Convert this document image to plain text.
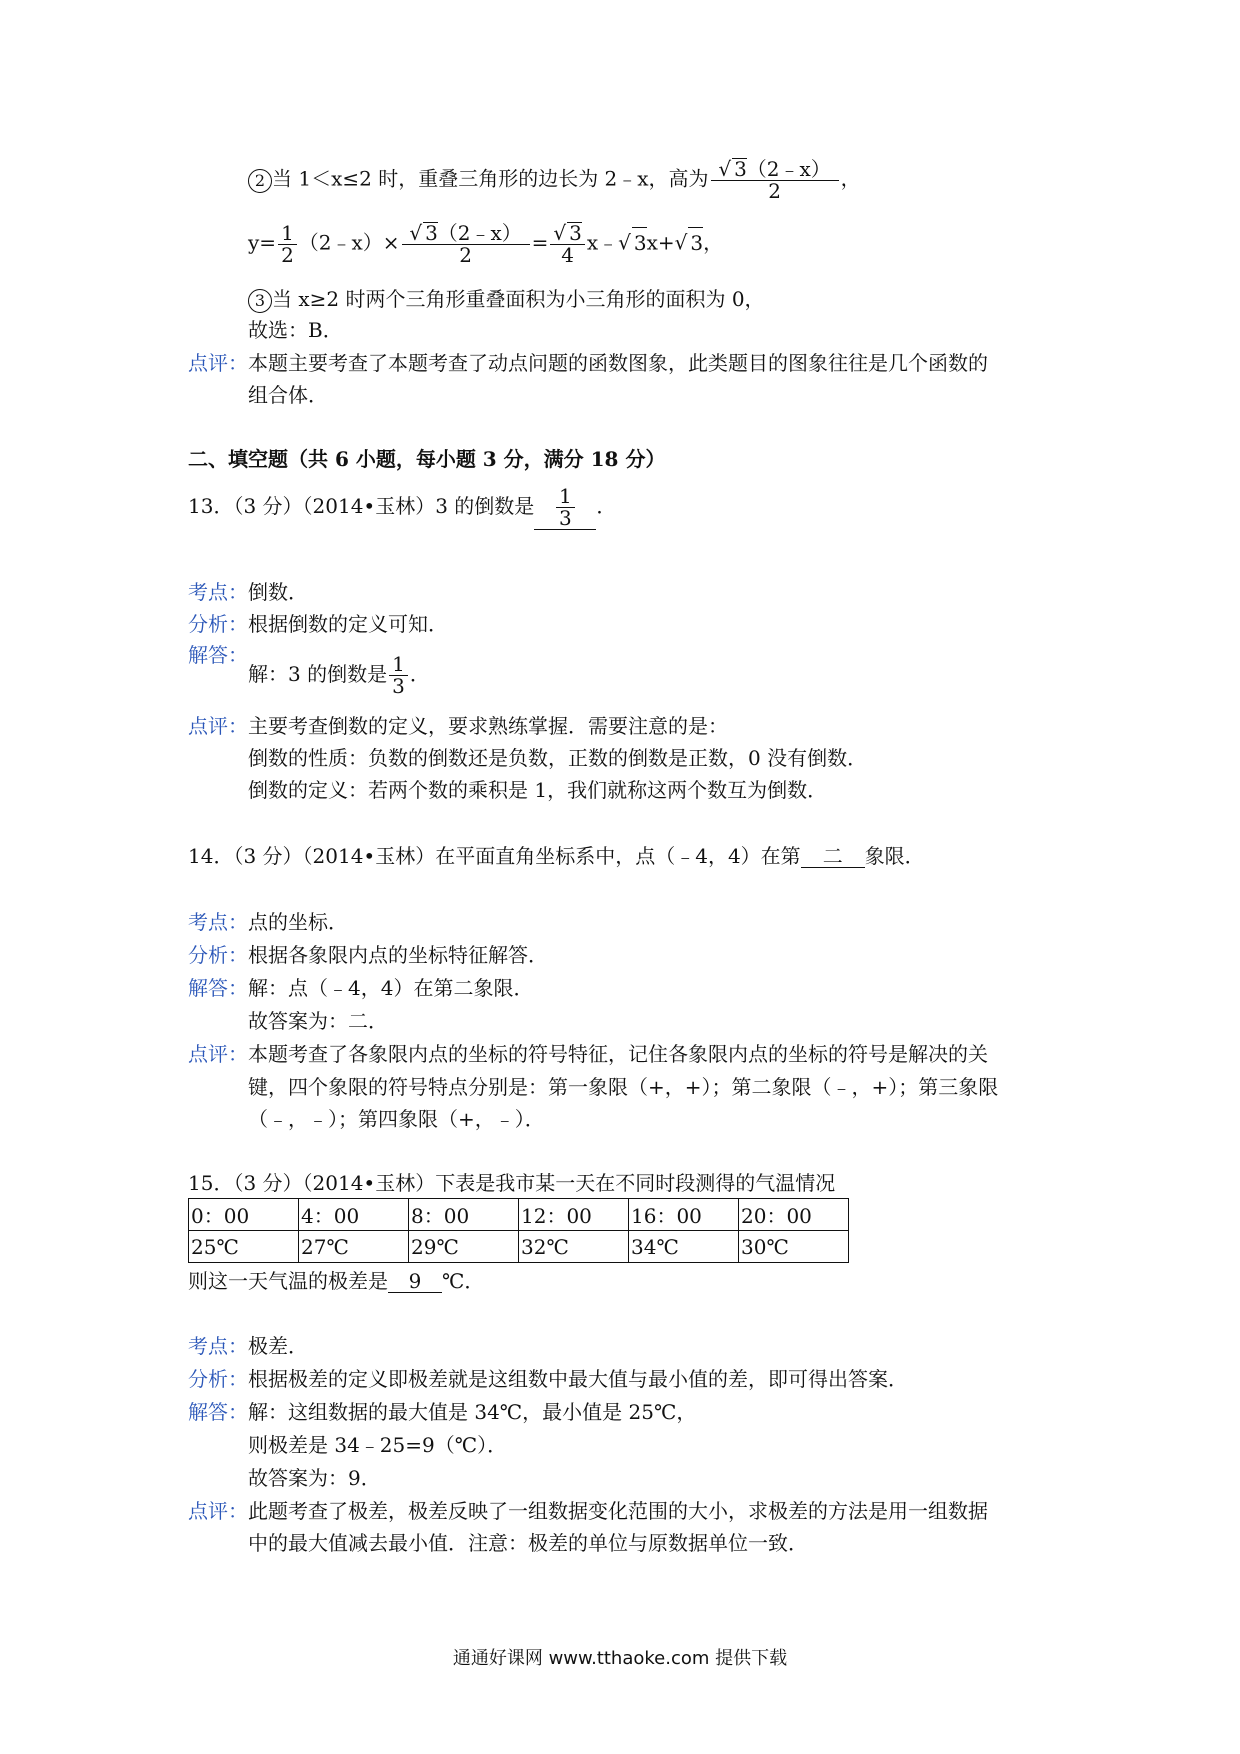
2 当 1＜x≤2 时，重叠三角形的边长为 2﹣x，高为 $\frac{√ 3(2﹣x)}{2}$ ，
$y= \frac{1}{2}$ （2﹣x）× $\frac{√ 3(2﹣x)}{2} = \frac{√ 3}{4}$ x﹣√ 3x+√ 3，
3 当 x≥2 时两个三角形重叠面积为小三角形的面积为 0，
故选：B．
点评：本题主要考查了本题考查了动点问题的函数图象，此类题目的图象往往是几个函数的
组合体．
二、填空题（共 6 小题，每小题 3 分，满分 18 分）
13．（3 分）（2014•玉林）3 的倒数是 $\frac{1}{3}$ ．
考点：倒数．
分析：根据倒数的定义可知．
解答：解：3 的倒数是 $\frac{1}{3}$ ．
点评：主要考查倒数的定义，要求熟练掌握．需要注意的是：
倒数的性质：负数的倒数还是负数，正数的倒数是正数，0 没有倒数．
倒数的定义：若两个数的乘积是 1，我们就称这两个数互为倒数．
14．（3 分）（2014•玉林）在平面直角坐标系中，点（﹣4，4）在第 二 象限．
考点：点的坐标．
分析：根据各象限内点的坐标特征解答．
解答：解：点（﹣4，4）在第二象限．
故答案为：二．
点评：本题考查了各象限内点的坐标的符号特征，记住各象限内点的坐标的符号是解决的关
键，四个象限的符号特点分别是：第一象限（+，+）；第二象限（﹣，+）；第三象限
（﹣，﹣）；第四象限（+，﹣）．
15．（3 分）（2014•玉林）下表是我市某一天在不同时段测得的气温情况
0：00	4：00	8：00	12：00	16：00	20：00
25℃	27℃	29℃	32℃	34℃	30℃
则这一天气温的极差是 9 ℃．
考点：极差．
分析：根据极差的定义即极差就是这组数中最大值与最小值的差，即可得出答案．
解答：解：这组数据的最大值是 34℃，最小值是 25℃，
则极差是 34﹣25=9（℃）．
故答案为：9．
点评：此题考查了极差，极差反映了一组数据变化范围的大小，求极差的方法是用一组数据
中的最大值减去最小值．注意：极差的单位与原数据单位一致．
通通好课网 www.tthaoke.com 提供下载
